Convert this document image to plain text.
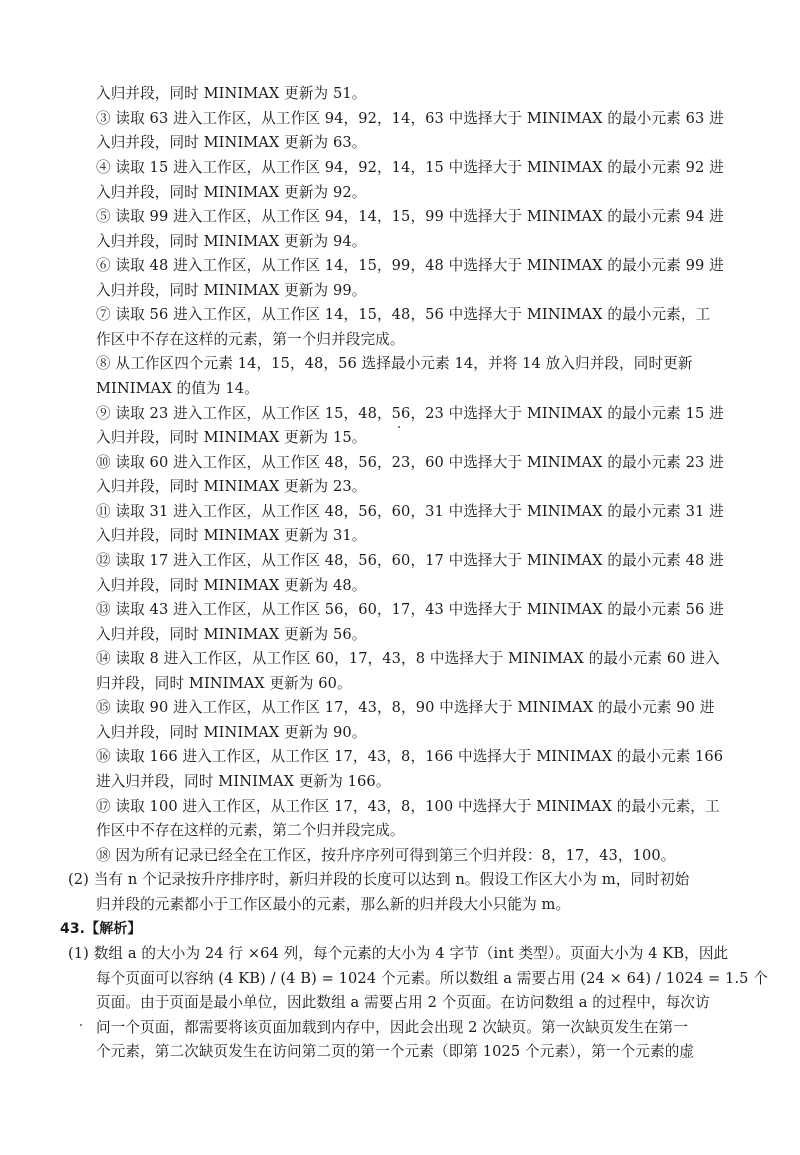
入归并段，同时 MINIMAX 更新为 51。
③ 读取 63 进入工作区，从工作区 94，92，14，63 中选择大于 MINIMAX 的最小元素 63 进
入归并段，同时 MINIMAX 更新为 63。
④ 读取 15 进入工作区，从工作区 94，92，14，15 中选择大于 MINIMAX 的最小元素 92 进
入归并段，同时 MINIMAX 更新为 92。
⑤ 读取 99 进入工作区，从工作区 94，14，15，99 中选择大于 MINIMAX 的最小元素 94 进
入归并段，同时 MINIMAX 更新为 94。
⑥ 读取 48 进入工作区，从工作区 14，15，99，48 中选择大于 MINIMAX 的最小元素 99 进
入归并段，同时 MINIMAX 更新为 99。
⑦ 读取 56 进入工作区，从工作区 14，15，48，56 中选择大于 MINIMAX 的最小元素，工
作区中不存在这样的元素，第一个归并段完成。
⑧ 从工作区四个元素 14，15，48，56 选择最小元素 14，并将 14 放入归并段，同时更新
MINIMAX 的值为 14。
⑨ 读取 23 进入工作区，从工作区 15，48，56，23 中选择大于 MINIMAX 的最小元素 15 进
入归并段，同时 MINIMAX 更新为 15。
⑩ 读取 60 进入工作区，从工作区 48，56，23，60 中选择大于 MINIMAX 的最小元素 23 进
入归并段，同时 MINIMAX 更新为 23。
⑪ 读取 31 进入工作区，从工作区 48，56，60，31 中选择大于 MINIMAX 的最小元素 31 进
入归并段，同时 MINIMAX 更新为 31。
⑫ 读取 17 进入工作区，从工作区 48，56，60，17 中选择大于 MINIMAX 的最小元素 48 进
入归并段，同时 MINIMAX 更新为 48。
⑬ 读取 43 进入工作区，从工作区 56，60，17，43 中选择大于 MINIMAX 的最小元素 56 进
入归并段，同时 MINIMAX 更新为 56。
⑭ 读取 8 进入工作区，从工作区 60，17，43，8 中选择大于 MINIMAX 的最小元素 60 进入
归并段，同时 MINIMAX 更新为 60。
⑮ 读取 90 进入工作区，从工作区 17，43，8，90 中选择大于 MINIMAX 的最小元素 90 进
入归并段，同时 MINIMAX 更新为 90。
⑯ 读取 166 进入工作区，从工作区 17，43，8，166 中选择大于 MINIMAX 的最小元素 166
进入归并段，同时 MINIMAX 更新为 166。
⑰ 读取 100 进入工作区，从工作区 17，43，8，100 中选择大于 MINIMAX 的最小元素，工
作区中不存在这样的元素，第二个归并段完成。
⑱ 因为所有记录已经全在工作区，按升序序列可得到第三个归并段：8，17，43，100。
(2) 当有 n 个记录按升序排序时，新归并段的长度可以达到 n。假设工作区大小为 m，同时初始
归并段的元素都小于工作区最小的元素，那么新的归并段大小只能为 m。
43.【解析】
(1) 数组 a 的大小为 24 行 ×64 列，每个元素的大小为 4 字节（int 类型）。页面大小为 4 KB，因此
每个页面可以容纳 (4 KB) / (4 B) = 1024 个元素。所以数组 a 需要占用 (24 × 64) / 1024 = 1.5 个
页面。由于页面是最小单位，因此数组 a 需要占用 2 个页面。在访问数组 a 的过程中，每次访
问一个页面，都需要将该页面加载到内存中，因此会出现 2 次缺页。第一次缺页发生在第一
个元素，第二次缺页发生在访问第二页的第一个元素（即第 1025 个元素），第一个元素的虚
